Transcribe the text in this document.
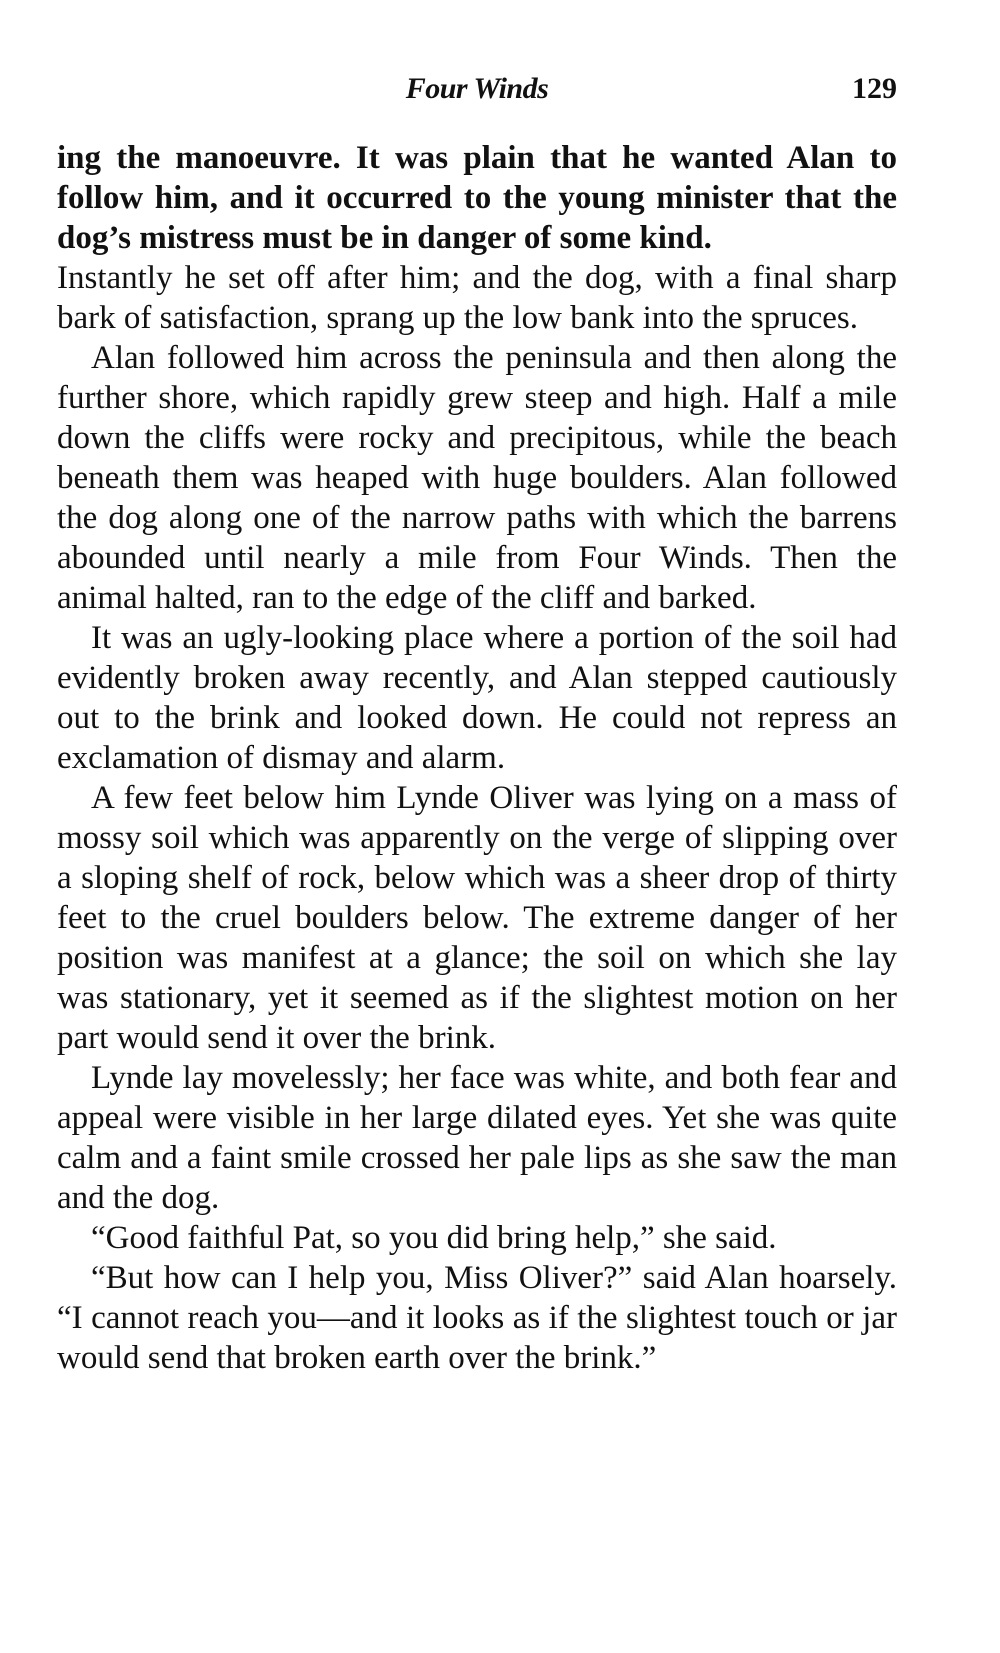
Four Winds	129

ing the manoeuvre. It was plain that he wanted Alan to follow him, and it occurred to the young minister that the dog’s mistress must be in danger of some kind.

Instantly he set off after him; and the dog, with a final sharp bark of satisfaction, sprang up the low bank into the spruces.

Alan followed him across the peninsula and then along the further shore, which rapidly grew steep and high. Half a mile down the cliffs were rocky and precipitous, while the beach beneath them was heaped with huge boulders. Alan followed the dog along one of the narrow paths with which the barrens abounded until nearly a mile from Four Winds. Then the animal halted, ran to the edge of the cliff and barked.

It was an ugly-looking place where a portion of the soil had evidently broken away recently, and Alan stepped cautiously out to the brink and looked down. He could not repress an exclamation of dismay and alarm.

A few feet below him Lynde Oliver was lying on a mass of mossy soil which was apparently on the verge of slipping over a sloping shelf of rock, below which was a sheer drop of thirty feet to the cruel boulders below. The extreme danger of her position was manifest at a glance; the soil on which she lay was stationary, yet it seemed as if the slightest motion on her part would send it over the brink.

Lynde lay movelessly; her face was white, and both fear and appeal were visible in her large dilated eyes. Yet she was quite calm and a faint smile crossed her pale lips as she saw the man and the dog.

“Good faithful Pat, so you did bring help,” she said.

“But how can I help you, Miss Oliver?” said Alan hoarsely. “I cannot reach you—and it looks as if the slightest touch or jar would send that broken earth over the brink.”
